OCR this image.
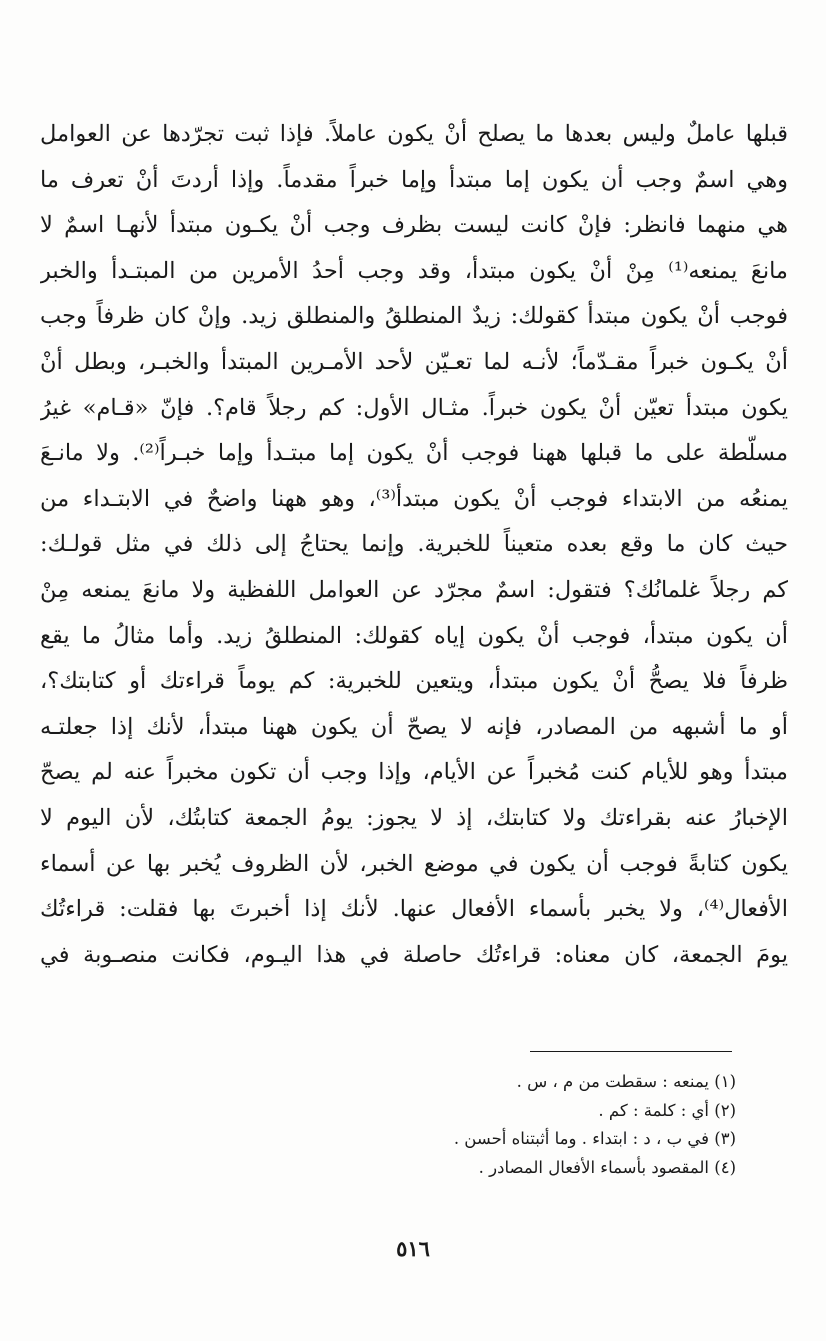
قبلها عاملٌ وليس بعدها ما يصلح أنْ يكون عاملاً. فإذا ثبت تجرّدها عن العوامل
وهي اسمٌ وجب أن يكون إما مبتدأ وإما خبراً مقدماً. وإذا أردتَ أنْ تعرف ما
هي منهما فانظر: فإنْ كانت ليست بظرف وجب أنْ يكـون مبتدأ لأنهـا اسمٌ لا
مانعَ يمنعه⁽¹⁾ مِنْ أنْ يكون مبتدأ، وقد وجب أحدُ الأمرين من المبتـدأ والخبر
فوجب أنْ يكون مبتدأ كقولك: زيدٌ المنطلقُ والمنطلق زيد. وإنْ كان ظرفاً وجب
أنْ يكـون خبراً مقـدّماً؛ لأنـه لما تعـيّن لأحد الأمـرين المبتدأ والخبـر، وبطل أنْ
يكون مبتدأ تعيّن أنْ يكون خبراً. مثـال الأول: كم رجلاً قام؟. فإنّ «قـام» غيرُ
مسلّطة على ما قبلها ههنا فوجب أنْ يكون إما مبتـدأ وإما خبـراً⁽²⁾. ولا مانـعَ
يمنعُه من الابتداء فوجب أنْ يكون مبتدأ⁽³⁾، وهو ههنا واضحٌ في الابتـداء من
حيث كان ما وقع بعده متعيناً للخبرية. وإنما يحتاجُ إلى ذلك في مثل قولـك:
كم رجلاً غلمانُك؟ فتقول: اسمٌ مجرّد عن العوامل اللفظية ولا مانعَ يمنعه مِنْ
أن يكون مبتدأ، فوجب أنْ يكون إياه كقولك: المنطلقُ زيد. وأما مثالُ ما يقع
ظرفاً فلا يصحُّ أنْ يكون مبتدأ، ويتعين للخبرية: كم يوماً قراءتك أو كتابتك؟،
أو ما أشبهه من المصادر، فإنه لا يصحّ أن يكون ههنا مبتدأ، لأنك إذا جعلتـه
مبتدأ وهو للأيام كنت مُخبراً عن الأيام، وإذا وجب أن تكون مخبراً عنه لم يصحّ
الإخبارُ عنه بقراءتك ولا كتابتك، إذ لا يجوز: يومُ الجمعة كتابتُك، لأن اليوم لا
يكون كتابةً فوجب أن يكون في موضع الخبر، لأن الظروف يُخبر بها عن أسماء
الأفعال⁽⁴⁾، ولا يخبر بأسماء الأفعال عنها. لأنك إذا أخبرتَ بها فقلت: قراءتُك
يومَ الجمعة، كان معناه: قراءتُك حاصلة في هذا اليـوم، فكانت منصـوبة في
(١) يمنعه : سقطت من م ، س .
(٢) أي : كلمة : كم .
(٣) في ب ، د : ابتداء . وما أثبتناه أحسن .
(٤) المقصود بأسماء الأفعال المصادر .
٥١٦
